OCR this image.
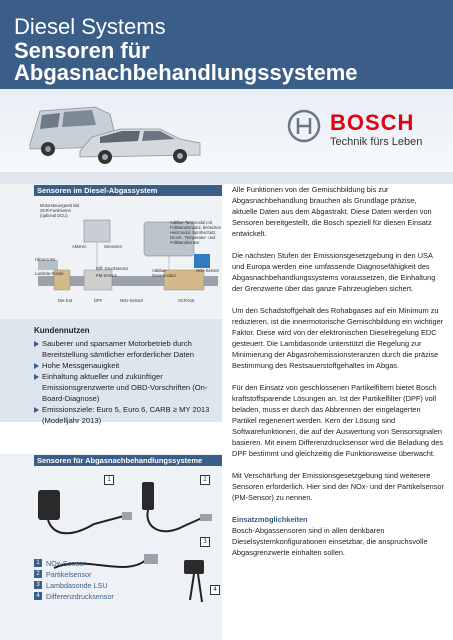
Diesel Systems
Sensoren für
Abgasnachbehandlungssysteme
BOSCH
Technik fürs Leben
Sensoren im Diesel-Abgassystem
Motorsteuergerät inkl. SCR-Funktionen (optional DCU)
Aktoren	Sensoren
Hfm4-CAN
Lambda-Sonde
Diff.-Drucksensor
PM-Sensor
AdBlue-Tankmodul mit Füllstandsmodul, beheizten Heizmodul, Sprühschutz, Druck-, Temperatur- und Füllstandsensor
AdBlue-Dosiermodul
NOx-Sensor
Die-Kat	DPF	NOx-Sensor	SCR-Kat
Kundennutzen
Sauberer und sparsamer Motorbetrieb durch Bereitstellung sämtlicher erforderlicher Daten
Hohe Messgenauigkeit
Einhaltung aktueller und zukünftiger Emissionsgrenzwerte und OBD-Vorschriften (On-Board-Diagnose)
Emissionsziele: Euro 5, Euro 6, CARB ≥ MY 2013 (Modelljahr 2013)
Sensoren für Abgasnachbehandlungssysteme
1	2
3
4
1 NOx-Sensor
2 Partikelsensor
3 Lambdasonde LSU
4 Differenzdrucksensor

Alle Funktionen von der Gemischbildung bis zur Abgasnachbehandlung brauchen als Grundlage präzise, aktuelle Daten aus dem Abgastrakt. Diese Daten werden von Sensoren bereitgestellt, die Bosch speziell für diesen Einsatz entwickelt.

Die nächsten Stufen der Emissionsgesetzgebung in den USA und Europa werden eine umfassende Diagnosefähigkeit des Abgasnachbehandlungssystems voraussetzen, die Einhaltung der Grenzwerte über das ganze Fahrzeugleben sichert.

Um den Schadstoffgehalt des Rohabgases auf ein Minimum zu reduzieren, ist die innermotorische Gemischbildung ein wichtiger Faktor. Diese wird von der elektronischen Dieselregelung EDC gesteuert. Die Lambdasonde unterstützt die Regelung zur Minimierung der Abgasrohemissionsteranzen durch die präzise Bestimmung des Restsauerstoffgehaltes im Abgas.

Für den Einsatz von geschlossenen Partikelfiltern bietet Bosch kraftstoffsparende Lösungen an. Ist der Partikelfilter (DPF) voll beladen, muss er durch das Abbrennen der eingelagerten Partikel regeneriert werden. Kern der Lösung sind Softwarefunktionen, die auf der Auswertung von Sensorsignalen basieren. Mit einem Differenzdrucksensor wird die Beladung des DPF bestimmt und gleichzeitig die Funktionsweise überwacht.

Mit Verschärfung der Emissionsgesetzgebung sind weiterere Sensoren erforderlich. Hier sind der NOx- und der Partikelsensor (PM-Sensor) zu nennen.

Einsatzmöglichkeiten

Bosch-Abgassensoren sind in allen denkbaren Dieselsystemkonfigurationen einsetzbar, die anspruchsvolle Abgasgrenzwerte einhalten sollen.
